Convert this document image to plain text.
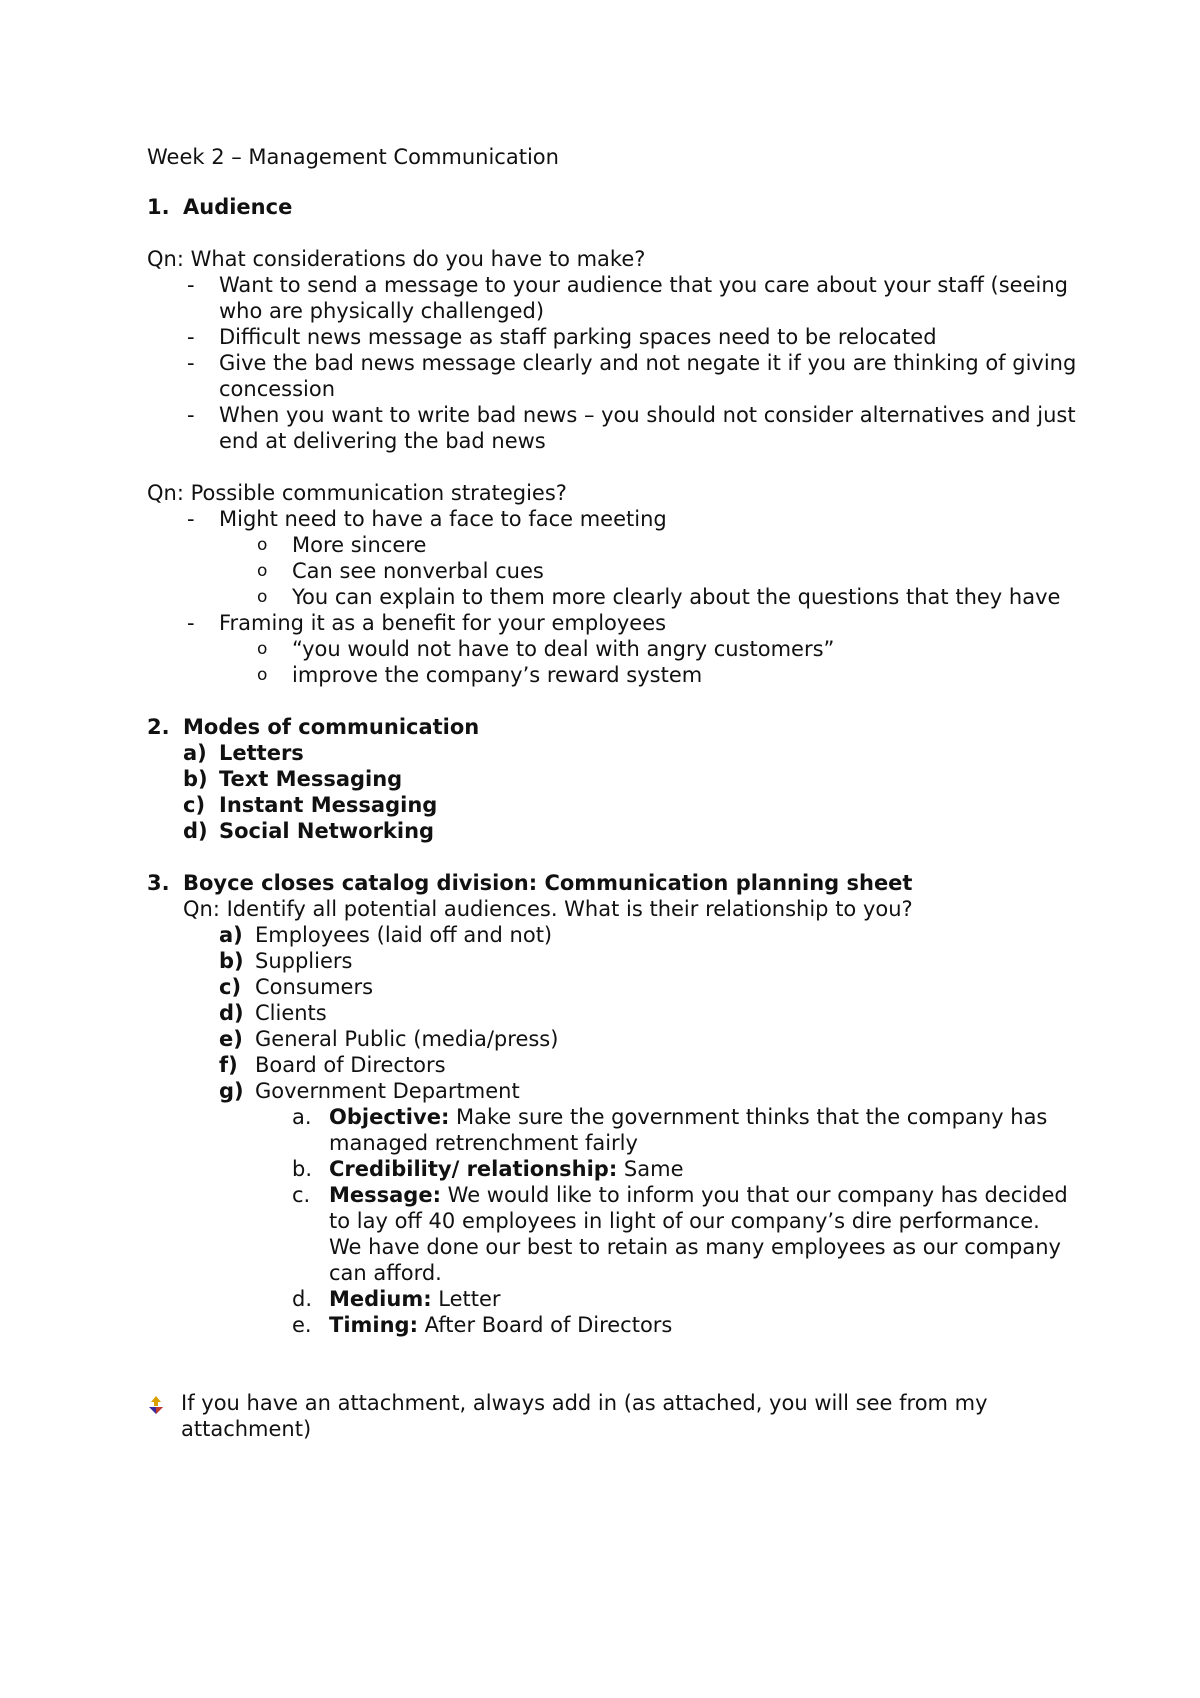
Week 2 – Management Communication
1. Audience
Qn: What considerations do you have to make?
- Want to send a message to your audience that you care about your staff (seeing who are physically challenged)
- Difficult news message as staff parking spaces need to be relocated
- Give the bad news message clearly and not negate it if you are thinking of giving concession
- When you want to write bad news – you should not consider alternatives and just end at delivering the bad news
Qn: Possible communication strategies?
- Might need to have a face to face meeting
o More sincere
o Can see nonverbal cues
o You can explain to them more clearly about the questions that they have
- Framing it as a benefit for your employees
o “you would not have to deal with angry customers”
o improve the company’s reward system
2. Modes of communication
a) Letters
b) Text Messaging
c) Instant Messaging
d) Social Networking
3. Boyce closes catalog division: Communication planning sheet
Qn: Identify all potential audiences. What is their relationship to you?
a) Employees (laid off and not)
b) Suppliers
c) Consumers
d) Clients
e) General Public (media/press)
f) Board of Directors
g) Government Department
a. Objective: Make sure the government thinks that the company has managed retrenchment fairly
b. Credibility/ relationship: Same
c. Message: We would like to inform you that our company has decided to lay off 40 employees in light of our company’s dire performance. We have done our best to retain as many employees as our company can afford.
d. Medium: Letter
e. Timing: After Board of Directors
If you have an attachment, always add in (as attached, you will see from my attachment)
